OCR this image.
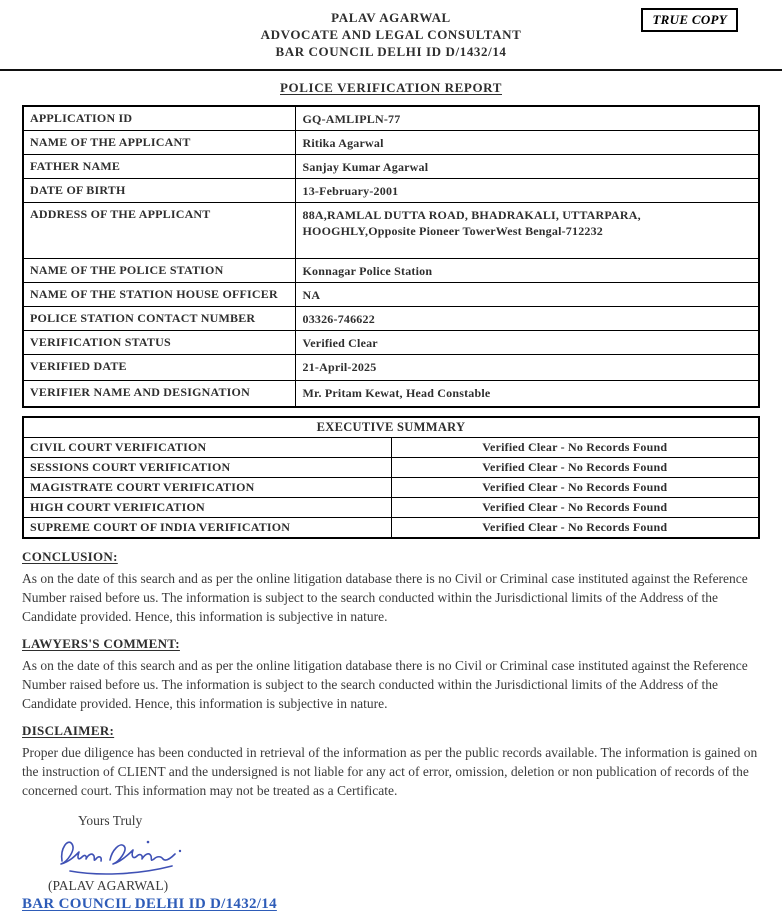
PALAV AGARWAL
ADVOCATE AND LEGAL CONSULTANT
BAR COUNCIL DELHI ID D/1432/14
TRUE COPY
POLICE VERIFICATION REPORT
APPLICATION ID	GQ-AMLIPLN-77
NAME OF THE APPLICANT	Ritika Agarwal
FATHER NAME	Sanjay Kumar Agarwal
DATE OF BIRTH	13-February-2001
ADDRESS OF THE APPLICANT	88A,RAMLAL DUTTA ROAD, BHADRAKALI, UTTARPARA, HOOGHLY,Opposite Pioneer TowerWest Bengal-712232
NAME OF THE POLICE STATION	Konnagar Police Station
NAME OF THE STATION HOUSE OFFICER	NA
POLICE STATION CONTACT NUMBER	03326-746622
VERIFICATION STATUS	Verified Clear
VERIFIED DATE	21-April-2025
VERIFIER NAME AND DESIGNATION	Mr. Pritam Kewat, Head Constable
EXECUTIVE SUMMARY	
CIVIL COURT VERIFICATION	Verified Clear - No Records Found
SESSIONS COURT VERIFICATION	Verified Clear - No Records Found
MAGISTRATE COURT VERIFICATION	Verified Clear - No Records Found
HIGH COURT VERIFICATION	Verified Clear - No Records Found
SUPREME COURT OF INDIA VERIFICATION	Verified Clear - No Records Found
CONCLUSION:
As on the date of this search and as per the online litigation database there is no Civil or Criminal case instituted against the Reference Number raised before us. The information is subject to the search conducted within the Jurisdictional limits of the Address of the Candidate provided. Hence, this information is subjective in nature.
LAWYERS'S COMMENT:
As on the date of this search and as per the online litigation database there is no Civil or Criminal case instituted against the Reference Number raised before us. The information is subject to the search conducted within the Jurisdictional limits of the Address of the Candidate provided. Hence, this information is subjective in nature.
DISCLAIMER:
Proper due diligence has been conducted in retrieval of the information as per the public records available. The information is gained on the instruction of CLIENT and the undersigned is not liable for any act of error, omission, deletion or non publication of records of the concerned court. This information may not be treated as a Certificate.
Yours Truly
(PALAV AGARWAL)
BAR COUNCIL DELHI ID D/1432/14
